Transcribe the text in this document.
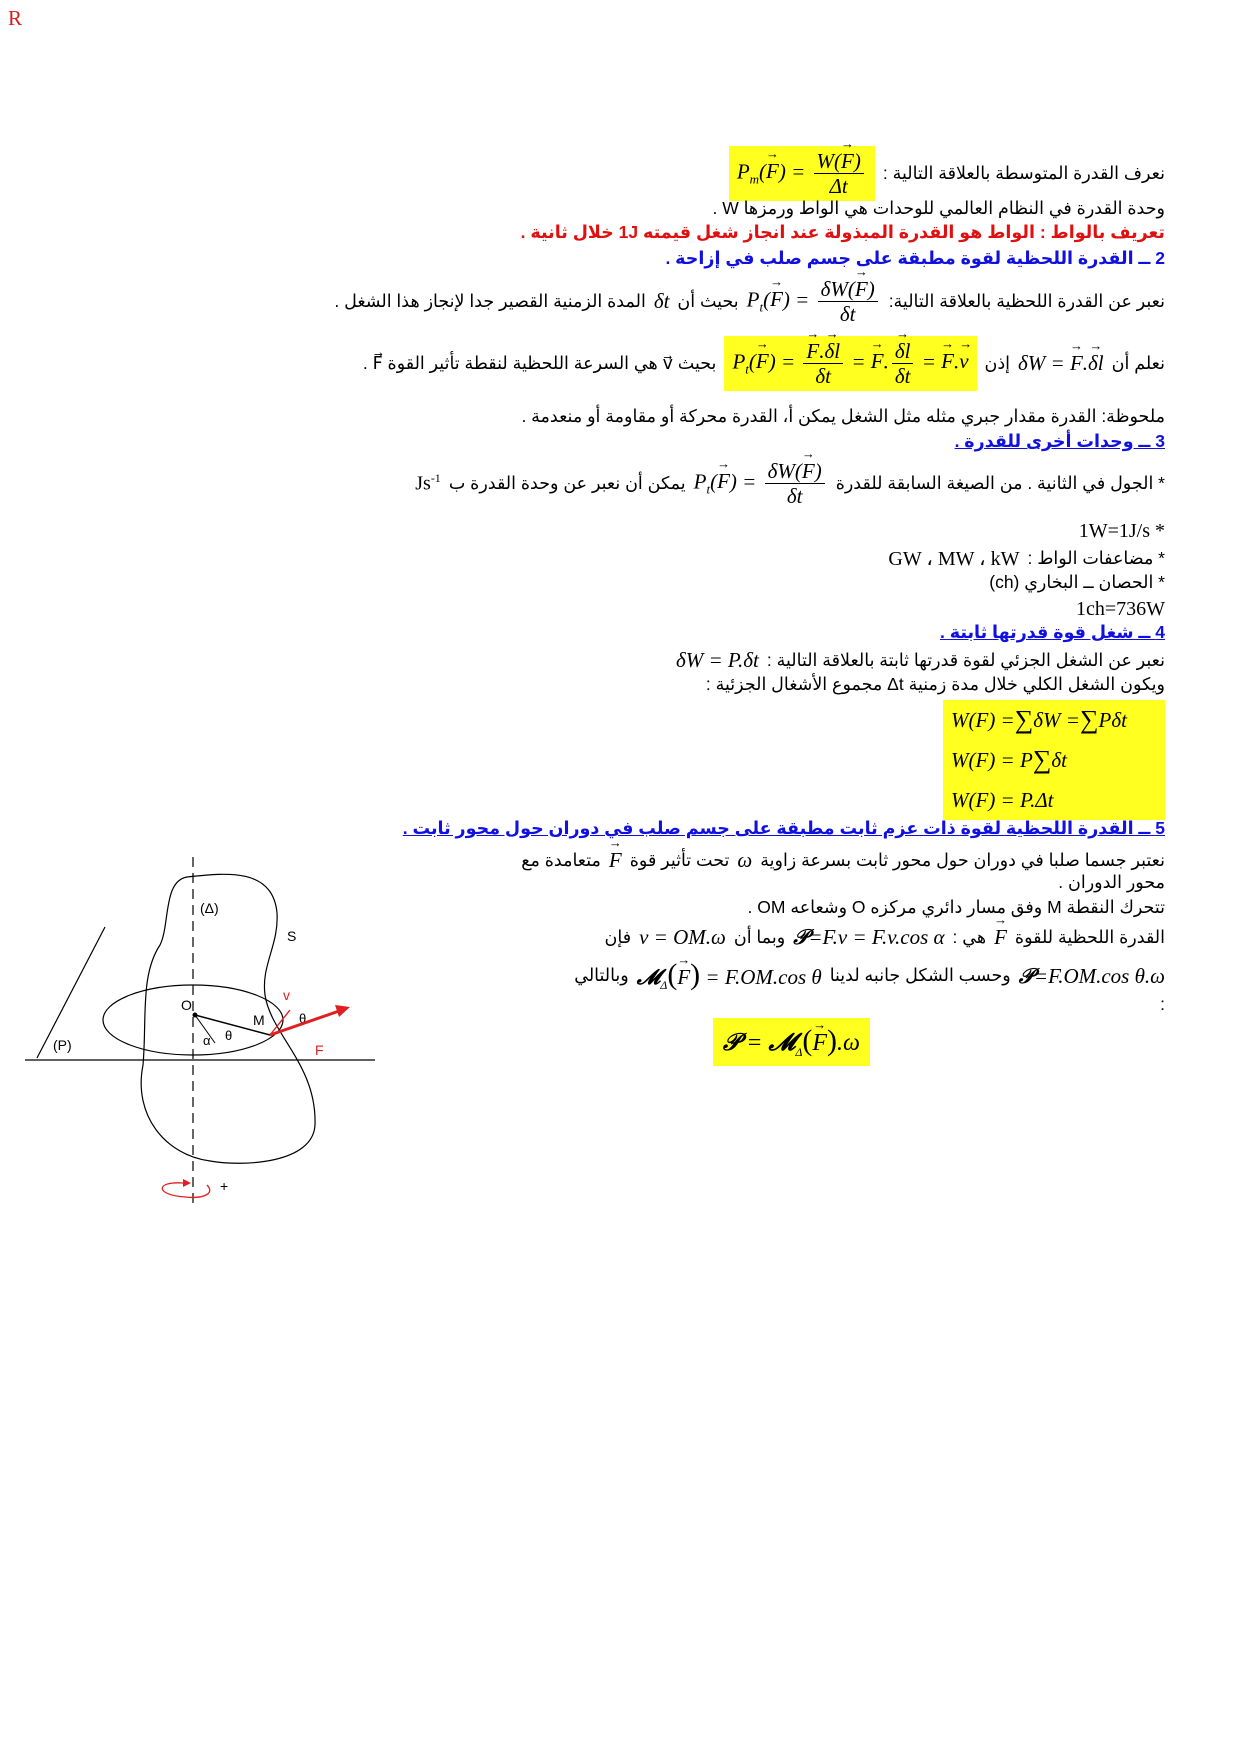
R
نعرف القدرة المتوسطة بالعلاقة التالية :
$P_m(\to F) = \frac{W(\to F)}{\Delta t}$
وحدة القدرة في النظام العالمي للوحدات هي الواط ورمزها W .
تعريف بالواط : الواط هو القدرة المبذولة عند انجاز شغل قيمته 1J خلال ثانية .
2 ــ القدرة اللحظية لقوة مطبقة على جسم صلب في إزاحة .
نعبر عن القدرة اللحظية بالعلاقة التالية:
$P_t(\to F) = \frac{\delta W(\to F)}{\delta t}$
بحيث أن
δt
المدة الزمنية القصير جدا لإنجاز هذا الشغل .
نعلم أن
δW = → F.→ δl
إذن
$P_t(\to F)$ = → $\frac{F.\to \delta l}{\delta t}$ = → F. → $\frac{\delta l}{\delta t}$ = → F.→ v
بحيث v⃗ هي السرعة اللحظية لنقطة تأثير القوة F⃗ .
ملحوظة: القدرة مقدار جبري مثله مثل الشغل يمكن أ، القدرة محركة أو مقاومة أو منعدمة .
3 ــ وحدات أخرى للقدرة .
* الجول في الثانية . من الصيغة السابقة للقدرة
$P_t(\to F) = \frac{\delta W(\to F)}{\delta t}$
يمكن أن نعبر عن وحدة القدرة ب
$Js^{-1}$
1W=1J/s *
* مضاعفات الواط :
GW ، MW ، kW
* الحصان ــ البخاري (ch)
1ch=736W
4 ــ شغل قوة قدرتها ثابتة .
نعبر عن الشغل الجزئي لقوة قدرتها ثابتة بالعلاقة التالية :
δW = P.δt
ويكون الشغل الكلي خلال مدة زمنية Δt مجموع الأشغال الجزئية :
W(F) = ∑ δW = ∑ Pδt
W(F) = P ∑ δt
W(F) = P.Δt
5 ــ القدرة اللحظية لقوة ذات عزم ثابت مطبقة على جسم صلب في دوران حول محور ثابت .
نعتبر جسما صلبا في دوران حول محور ثابت بسرعة زاوية
ω
تحت تأثير قوة
→ F
متعامدة مع
محور الدوران .
تتحرك النقطة M وفق مسار دائري مركزه O وشعاعه OM .
القدرة اللحظية للقوة
→ F
هي :
𝒫=F.v = F.v.cos α
وبما أن
v = OM.ω
فإن
𝒫=F.OM.cos θ.ω
وحسب الشكل جانبه لدينا
𝓜$_\Delta$(→ F) = F.OM.cos θ
وبالتالي
:
𝒫 = 𝓜$_\Delta$(→ F).ω
(P)
S
(Δ)
O
M
α θ
v
θ
F
+
